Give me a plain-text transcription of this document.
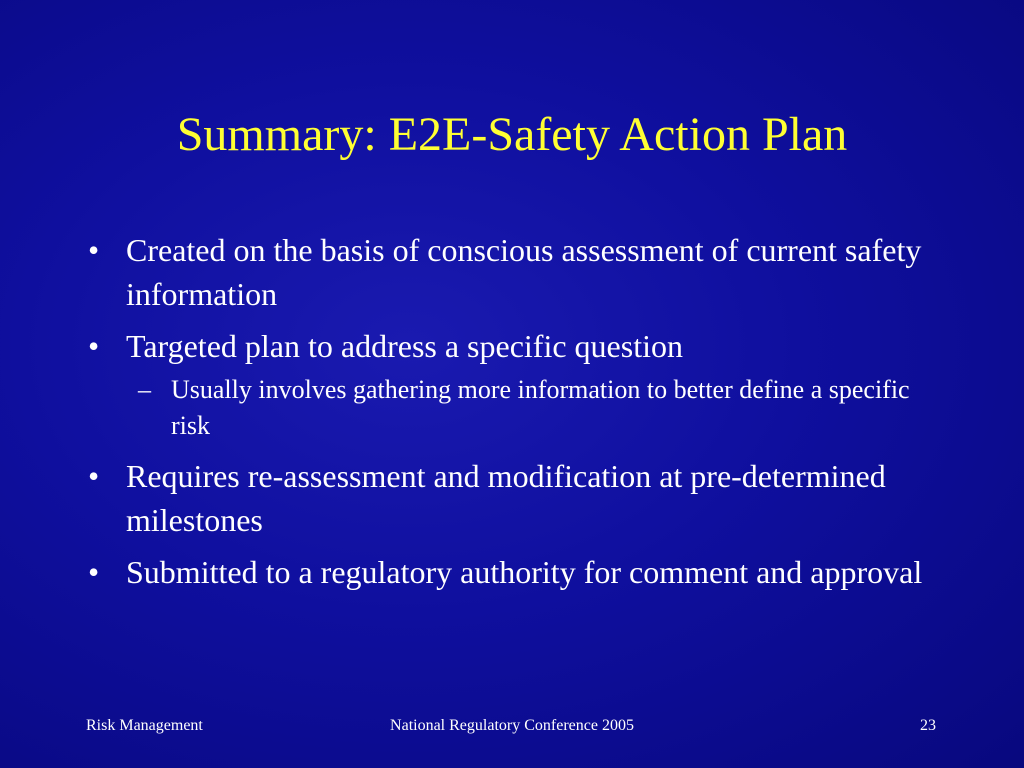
Summary: E2E-Safety Action Plan
• Created on the basis of conscious assessment of current safety information
• Targeted plan to address a specific question
– Usually involves gathering more information to better define a specific risk
• Requires re-assessment and modification at pre-determined milestones
• Submitted to a regulatory authority for comment and approval
Risk Management	National Regulatory Conference 2005	23
